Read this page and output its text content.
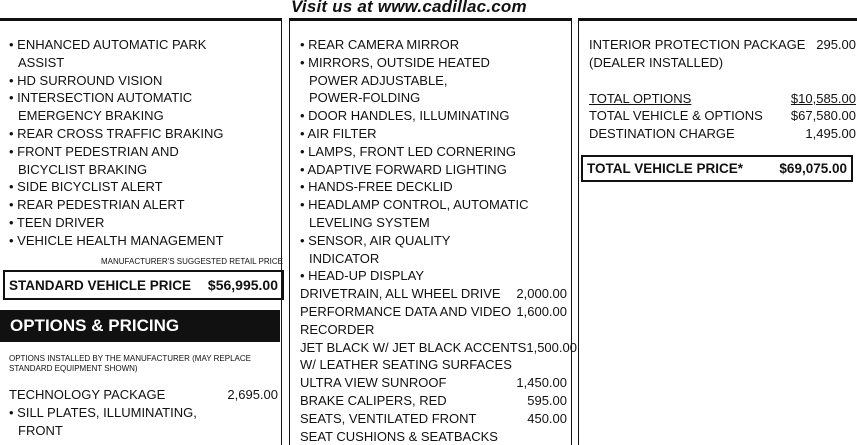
Visit us at www.cadillac.com
• ENHANCED AUTOMATIC PARK
ASSIST
• HD SURROUND VISION
• INTERSECTION AUTOMATIC
EMERGENCY BRAKING
• REAR CROSS TRAFFIC BRAKING
• FRONT PEDESTRIAN AND
BICYCLIST BRAKING
• SIDE BICYCLIST ALERT
• REAR PEDESTRIAN ALERT
• TEEN DRIVER
• VEHICLE HEALTH MANAGEMENT
MANUFACTURER'S SUGGESTED RETAIL PRICE
STANDARD VEHICLE PRICE $56,995.00
OPTIONS & PRICING
OPTIONS INSTALLED BY THE MANUFACTURER (MAY REPLACE
STANDARD EQUIPMENT SHOWN)
TECHNOLOGY PACKAGE	2,695.00
• SILL PLATES, ILLUMINATING,
FRONT
• REAR CAMERA MIRROR
• MIRRORS, OUTSIDE HEATED
POWER ADJUSTABLE,
POWER-FOLDING
• DOOR HANDLES, ILLUMINATING
• AIR FILTER
• LAMPS, FRONT LED CORNERING
• ADAPTIVE FORWARD LIGHTING
• HANDS-FREE DECKLID
• HEADLAMP CONTROL, AUTOMATIC
LEVELING SYSTEM
• SENSOR, AIR QUALITY
INDICATOR
• HEAD-UP DISPLAY
DRIVETRAIN, ALL WHEEL DRIVE 2,000.00
PERFORMANCE DATA AND VIDEO 1,600.00
RECORDER
JET BLACK W/ JET BLACK ACCENTS 1,500.00
W/ LEATHER SEATING SURFACES
ULTRA VIEW SUNROOF	1,450.00
BRAKE CALIPERS, RED	595.00
SEATS, VENTILATED FRONT	450.00
SEAT CUSHIONS & SEATBACKS
INTERIOR PROTECTION PACKAGE 295.00
(DEALER INSTALLED)
TOTAL OPTIONS	$10,585.00
TOTAL VEHICLE & OPTIONS $67,580.00
DESTINATION CHARGE	1,495.00
TOTAL VEHICLE PRICE*	$69,075.00
